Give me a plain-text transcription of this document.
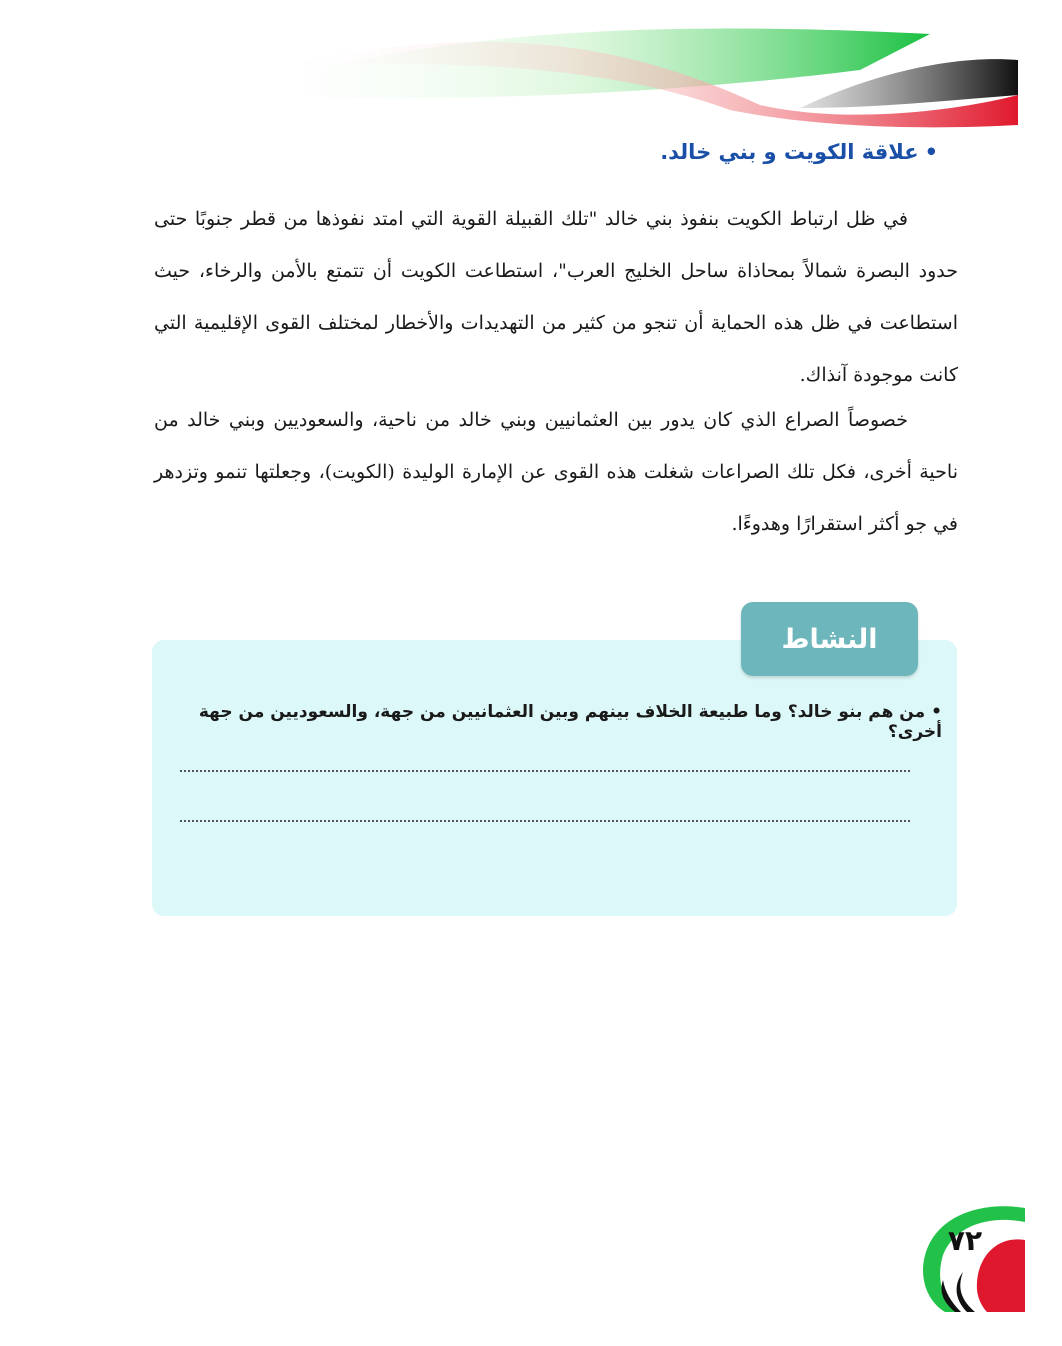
•علاقة الكويت و بني خالد.

في ظل ارتباط الكويت بنفوذ بني خالد "تلك القبيلة القوية التي امتد نفوذها من قطر جنوبًا حتى حدود البصرة شمالاً بمحاذاة ساحل الخليج العرب"، استطاعت الكويت أن تتمتع بالأمن والرخاء، حيث استطاعت في ظل هذه الحماية أن تنجو من كثير من التهديدات والأخطار لمختلف القوى الإقليمية التي كانت موجودة آنذاك.

خصوصاً الصراع الذي كان يدور بين العثمانيين وبني خالد من ناحية، والسعوديين وبني خالد من ناحية أخرى، فكل تلك الصراعات شغلت هذه القوى عن الإمارة الوليدة (الكويت)، وجعلتها تنمو وتزدهر في جو أكثر استقرارًا وهدوءًا.

النشاط
•من هم بنو خالد؟ وما طبيعة الخلاف بينهم وبين العثمانيين من جهة، والسعوديين من جهة أخرى؟
٧٢
